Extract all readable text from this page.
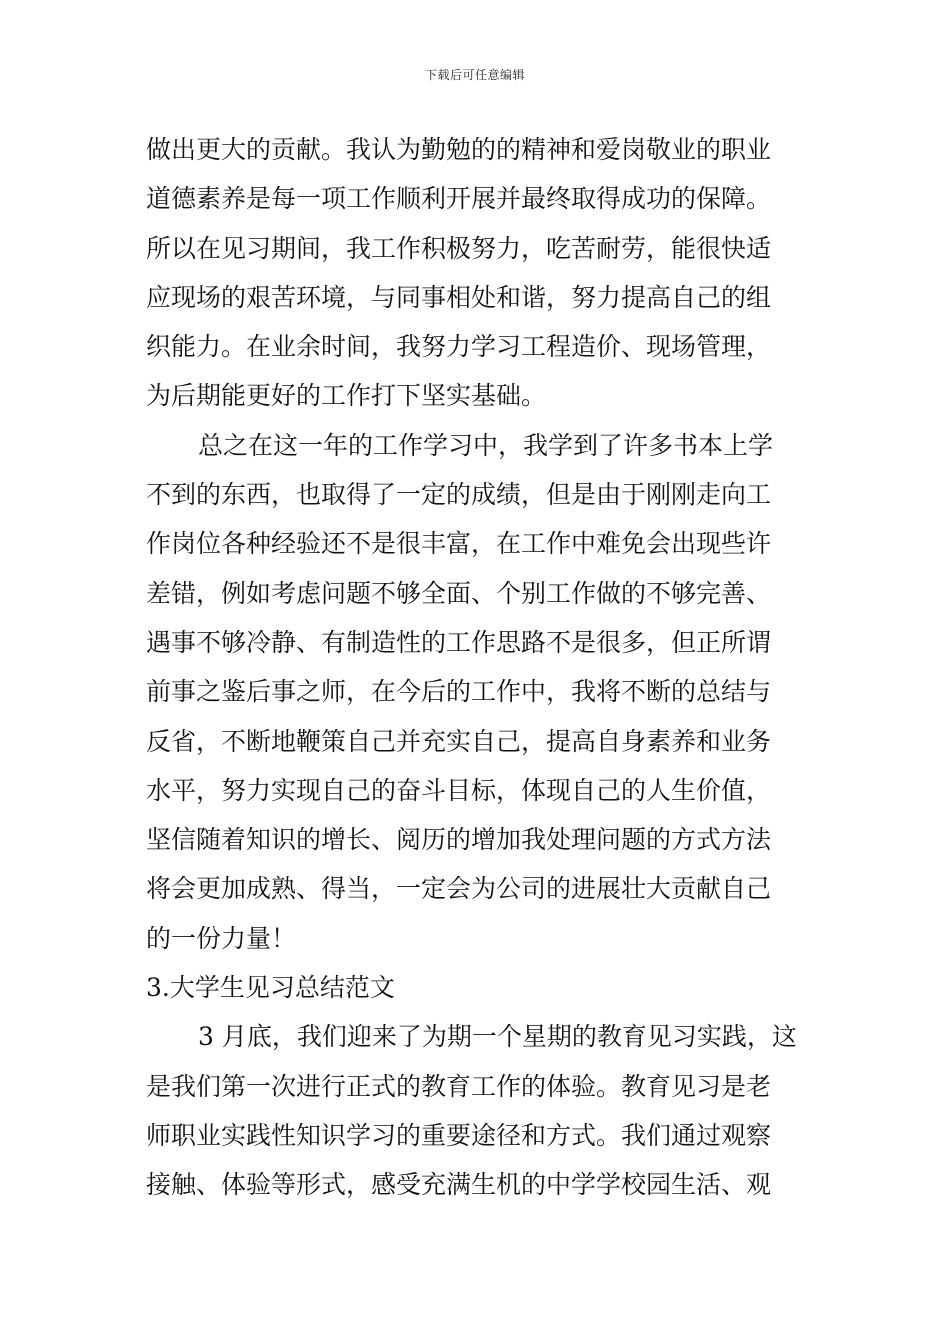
下载后可任意编辑
做出更大的贡献。我认为勤勉的的精神和爱岗敬业的职业
道德素养是每一项工作顺利开展并最终取得成功的保障。
所以在见习期间，我工作积极努力，吃苦耐劳，能很快适
应现场的艰苦环境，与同事相处和谐，努力提高自己的组
织能力。在业余时间，我努力学习工程造价、现场管理，
为后期能更好的工作打下坚实基础。
总之在这一年的工作学习中，我学到了许多书本上学
不到的东西，也取得了一定的成绩，但是由于刚刚走向工
作岗位各种经验还不是很丰富，在工作中难免会出现些许
差错，例如考虑问题不够全面、个别工作做的不够完善、
遇事不够冷静、有制造性的工作思路不是很多，但正所谓
前事之鉴后事之师，在今后的工作中，我将不断的总结与
反省，不断地鞭策自己并充实自己，提高自身素养和业务
水平，努力实现自己的奋斗目标，体现自己的人生价值，
坚信随着知识的增长、阅历的增加我处理问题的方式方法
将会更加成熟、得当，一定会为公司的进展壮大贡献自己
的一份力量！
3.大学生见习总结范文
3 月底，我们迎来了为期一个星期的教育见习实践，这
是我们第一次进行正式的教育工作的体验。教育见习是老
师职业实践性知识学习的重要途径和方式。我们通过观察
接触、体验等形式，感受充满生机的中学学校园生活、观
